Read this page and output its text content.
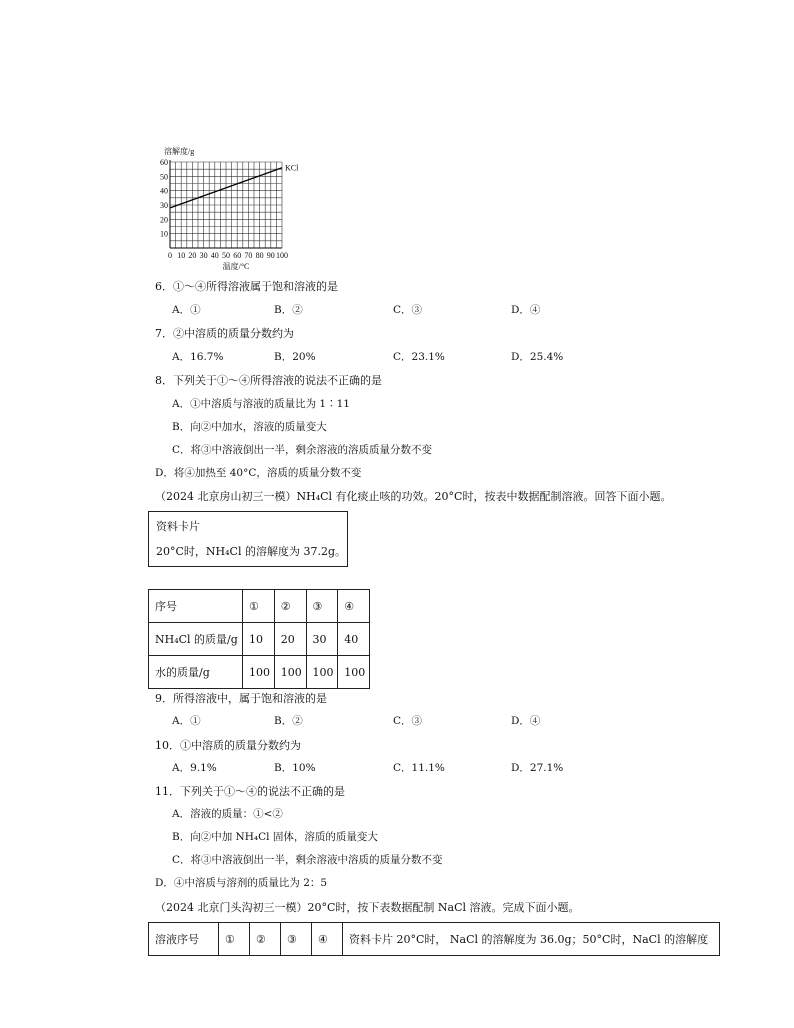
10
20
30
40
50
60
0 10 20 30 40 50 60 70 80 90 100
溶解度/g
温度/°C
KCl
6．①～④所得溶液属于饱和溶液的是
A．①	B．②	C．③	D．④
7．②中溶质的质量分数约为
A．16.7%	B．20%	C．23.1%	D．25.4%
8．下列关于①～④所得溶液的说法不正确的是
A．①中溶质与溶液的质量比为 1∶11
B．向②中加水，溶液的质量变大
C．将③中溶液倒出一半，剩余溶液的溶质质量分数不变
D．将④加热至 40°C，溶质的质量分数不变
（2024 北京房山初三一模）NH₄Cl 有化痰止咳的功效。20°C时，按表中数据配制溶液。回答下面小题。
资料卡片
20°C时，NH₄Cl 的溶解度为 37.2g。
序号	①	②	③	④
NH₄Cl 的质量/g	10	20	30	40
水的质量/g	100	100	100	100
9．所得溶液中，属于饱和溶液的是
A．①	B．②	C．③	D．④
10．①中溶质的质量分数约为
A．9.1%	B．10%	C．11.1%	D．27.1%
11．下列关于①～④的说法不正确的是
A．溶液的质量：①<②
B．向②中加 NH₄Cl 固体，溶质的质量变大
C．将③中溶液倒出一半，剩余溶液中溶质的质量分数不变
D．④中溶质与溶剂的质量比为 2：5
（2024 北京门头沟初三一模）20°C时，按下表数据配制 NaCl 溶液。完成下面小题。
溶液序号	①	②	③	④	资料卡片 20°C时， NaCl 的溶解度为 36.0g；50°C时，NaCl 的溶解度
